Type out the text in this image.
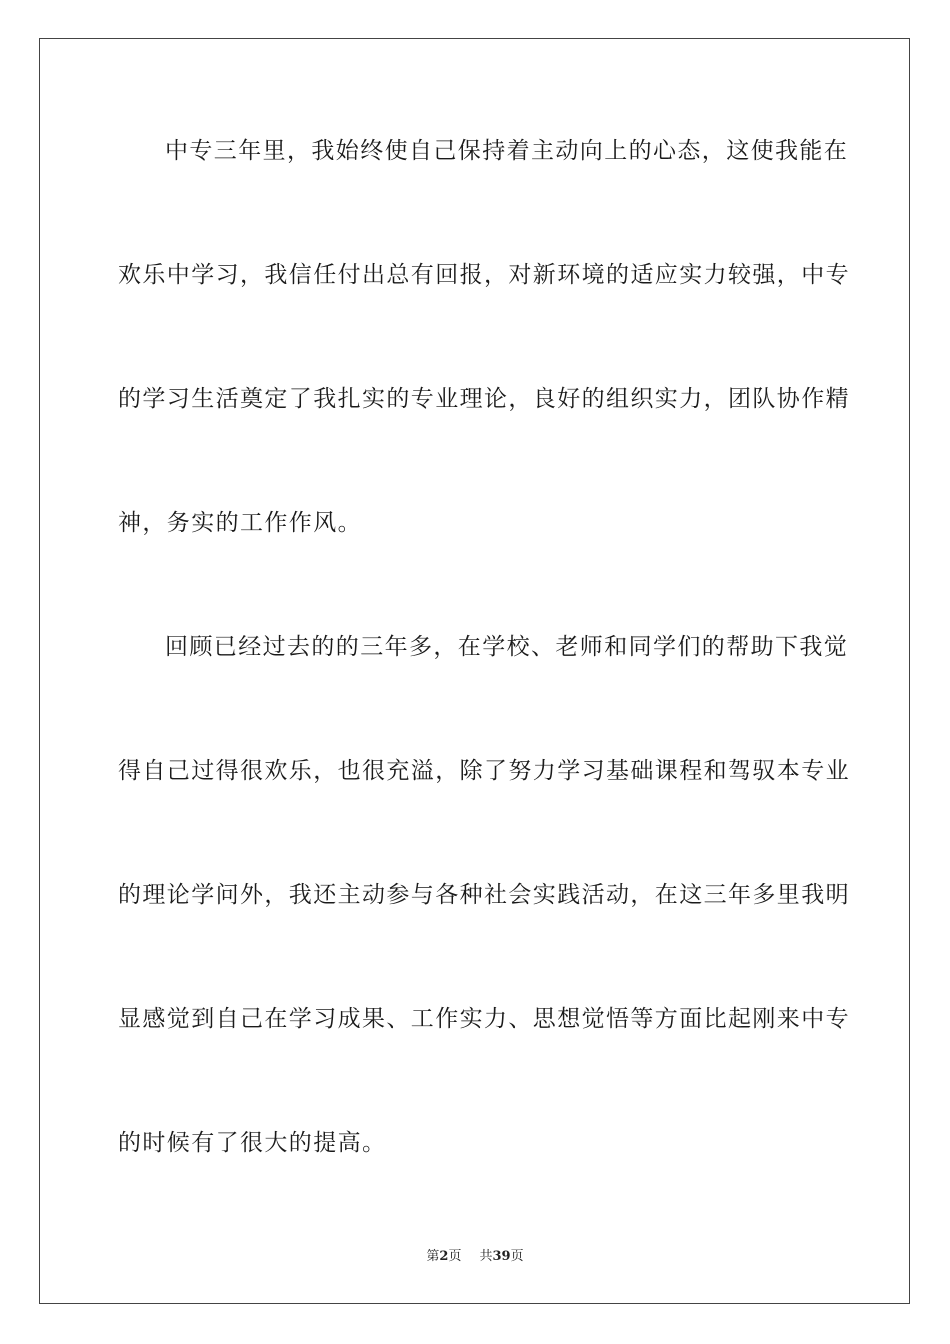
中专三年里，我始终使自己保持着主动向上的心态，这使我能在
欢乐中学习，我信任付出总有回报，对新环境的适应实力较强，中专
的学习生活奠定了我扎实的专业理论，良好的组织实力，团队协作精
神，务实的工作作风。
回顾已经过去的的三年多，在学校、老师和同学们的帮助下我觉
得自己过得很欢乐，也很充溢，除了努力学习基础课程和驾驭本专业
的理论学问外，我还主动参与各种社会实践活动，在这三年多里我明
显感觉到自己在学习成果、工作实力、思想觉悟等方面比起刚来中专
的时候有了很大的提高。
第2页 共39页
